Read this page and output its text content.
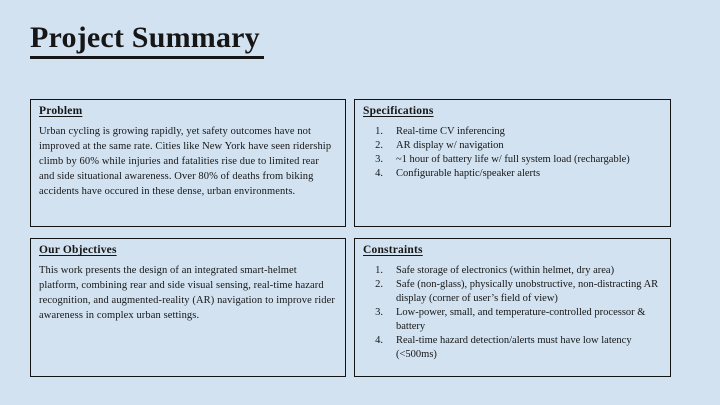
Project Summary
Problem

Urban cycling is growing rapidly, yet safety outcomes have not improved at the same rate. Cities like New York have seen ridership climb by 60% while injuries and fatalities rise due to limited rear and side situational awareness. Over 80% of deaths from biking accidents have occured in these dense, urban environments.

Specifications
1. Real-time CV inferencing
2. AR display w/ navigation
3. ~1 hour of battery life w/ full system load (rechargable)
4. Configurable haptic/speaker alerts
Our Objectives

This work presents the design of an integrated smart-helmet platform, combining rear and side visual sensing, real-time hazard recognition, and augmented-reality (AR) navigation to improve rider awareness in complex urban settings.

Constraints
1. Safe storage of electronics (within helmet, dry area)
2. Safe (non-glass), physically unobstructive, non-distracting AR display (corner of user’s field of view)
3. Low-power, small, and temperature-controlled processor & battery
4. Real-time hazard detection/alerts must have low latency (<500ms)
